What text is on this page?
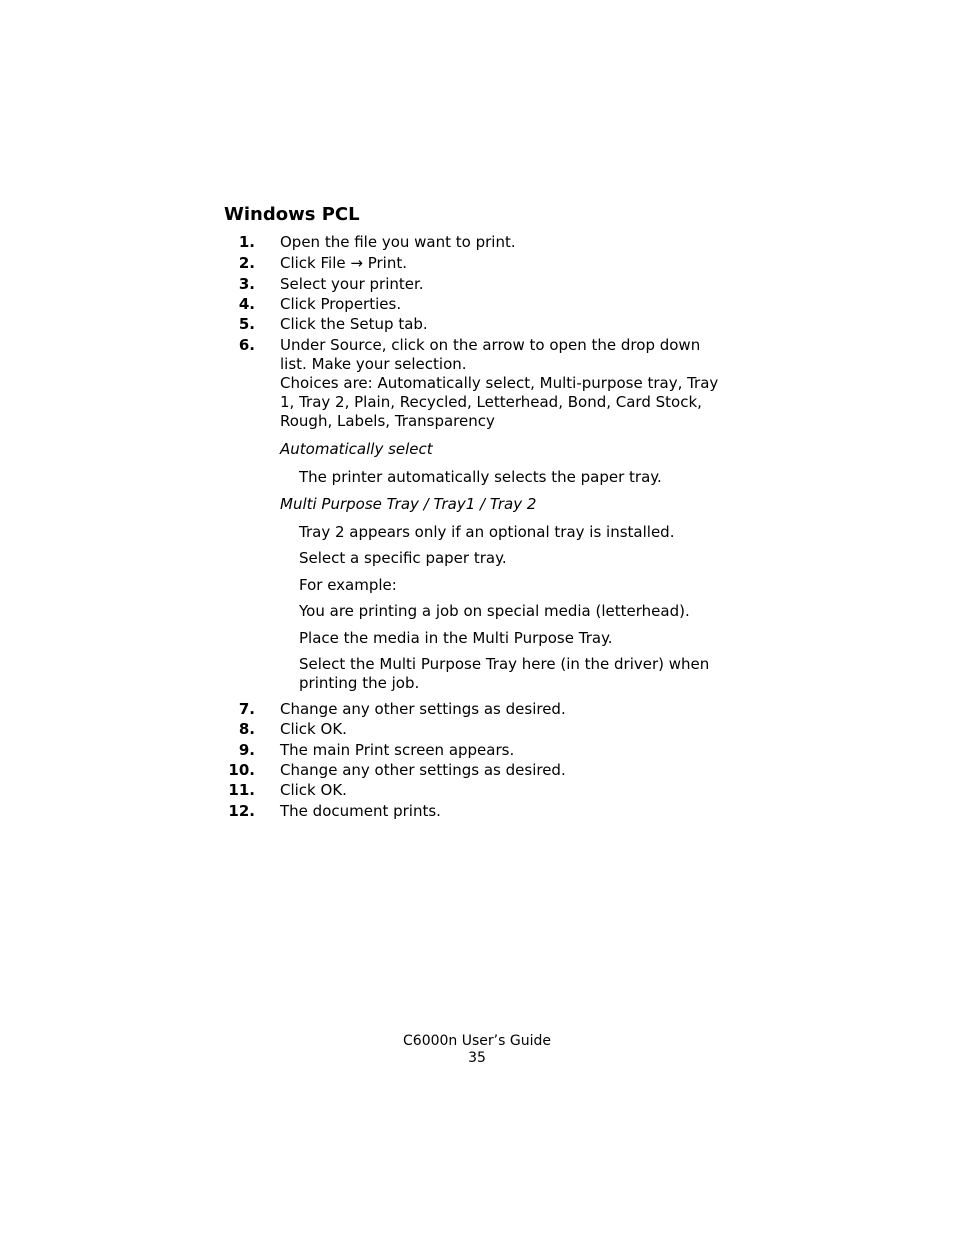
Windows PCL
1. Open the file you want to print.
2. Click File → Print.
3. Select your printer.
4. Click Properties.
5. Click the Setup tab.
6. Under Source, click on the arrow to open the drop down list. Make your selection.
Choices are: Automatically select, Multi-purpose tray, Tray 1, Tray 2, Plain, Recycled, Letterhead, Bond, Card Stock, Rough, Labels, Transparency
Automatically select
The printer automatically selects the paper tray.
Multi Purpose Tray / Tray1 / Tray 2
Tray 2 appears only if an optional tray is installed.
Select a specific paper tray.
For example:
You are printing a job on special media (letterhead).
Place the media in the Multi Purpose Tray.
Select the Multi Purpose Tray here (in the driver) when printing the job.
7. Change any other settings as desired.
8. Click OK.
9. The main Print screen appears.
10. Change any other settings as desired.
11. Click OK.
12. The document prints.
C6000n User’s Guide
35
